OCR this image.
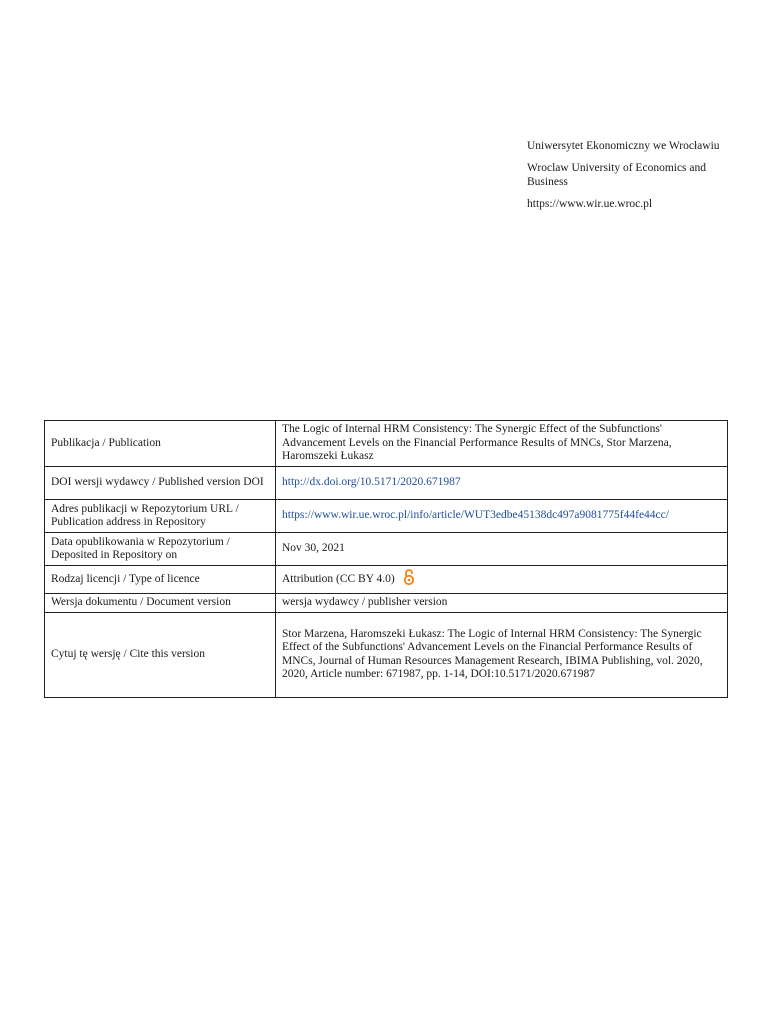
Uniwersytet Ekonomiczny we Wrocławiu

Wroclaw University of Economics and Business

https://www.wir.ue.wroc.pl

Publikacja / Publication	The Logic of Internal HRM Consistency: The Synergic Effect of the Subfunctions' Advancement Levels on the Financial Performance Results of MNCs, Stor Marzena, Haromszeki Łukasz
DOI wersji wydawcy / Published version DOI	http://dx.doi.org/10.5171/2020.671987
Adres publikacji w Repozytorium URL / Publication address in Repository	https://www.wir.ue.wroc.pl/info/article/WUT3edbe45138dc497a9081775f44fe44cc/
Data opublikowania w Repozytorium / Deposited in Repository on	Nov 30, 2021
Rodzaj licencji / Type of licence	Attribution (CC BY 4.0)
Wersja dokumentu / Document version	wersja wydawcy / publisher version
Cytuj tę wersję / Cite this version	Stor Marzena, Haromszeki Łukasz: The Logic of Internal HRM Consistency: The Synergic Effect of the Subfunctions' Advancement Levels on the Financial Performance Results of MNCs, Journal of Human Resources Management Research, IBIMA Publishing, vol. 2020, 2020, Article number: 671987, pp. 1-14, DOI:10.5171/2020.671987
